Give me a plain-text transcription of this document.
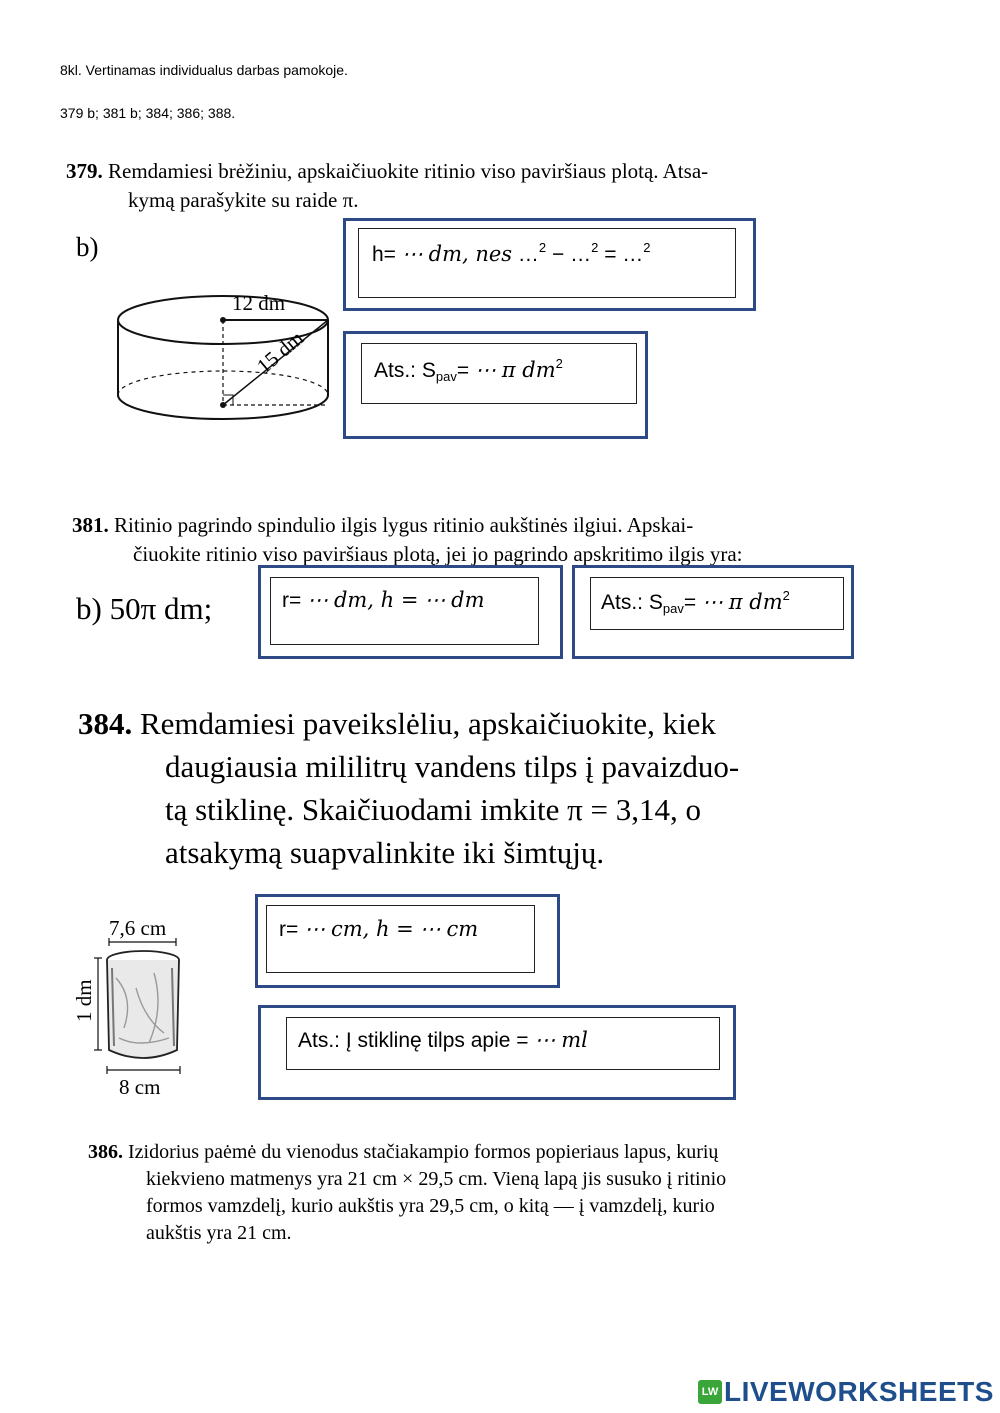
8kl. Vertinamas individualus darbas pamokoje.
379 b; 381 b; 384; 386; 388.
379. Remdamiesi brėžiniu, apskaičiuokite ritinio viso paviršiaus plotą. Atsa-
kymą parašykite su raide π.
b)
12 dm
15 dm
h= ⋯ dm, nes …$^2$ − …$^2$ = …$^2$
Ats.: $S_{pav}=$ ⋯ π $dm^2$
381. Ritinio pagrindo spindulio ilgis lygus ritinio aukštinės ilgiui. Apskai-
čiuokite ritinio viso paviršiaus plotą, jei jo pagrindo apskritimo ilgis yra:
b) 50π dm;	r= ⋯ dm, h = ⋯ dm	Ats.: $S_{pav}=$ ⋯ π $dm^2$
384. Remdamiesi paveikslėliu, apskaičiuokite, kiek
daugiausia mililitrų vandens tilps į pavaizduo-
tą stiklinę. Skaičiuodami imkite π = 3,14, o
atsakymą suapvalinkite iki šimtųjų.
7,6 cm
1 dm
8 cm
r= ⋯ cm, h = ⋯ cm
Ats.: Į stiklinę tilps apie = ⋯ ml
386. Izidorius paėmė du vienodus stačiakampio formos popieriaus lapus, kurių
kiekvieno matmenys yra 21 cm × 29,5 cm. Vieną lapą jis susuko į ritinio
formos vamzdelį, kurio aukštis yra 29,5 cm, o kitą — į vamzdelį, kurio
aukštis yra 21 cm.
LW LIVEWORKSHEETS
